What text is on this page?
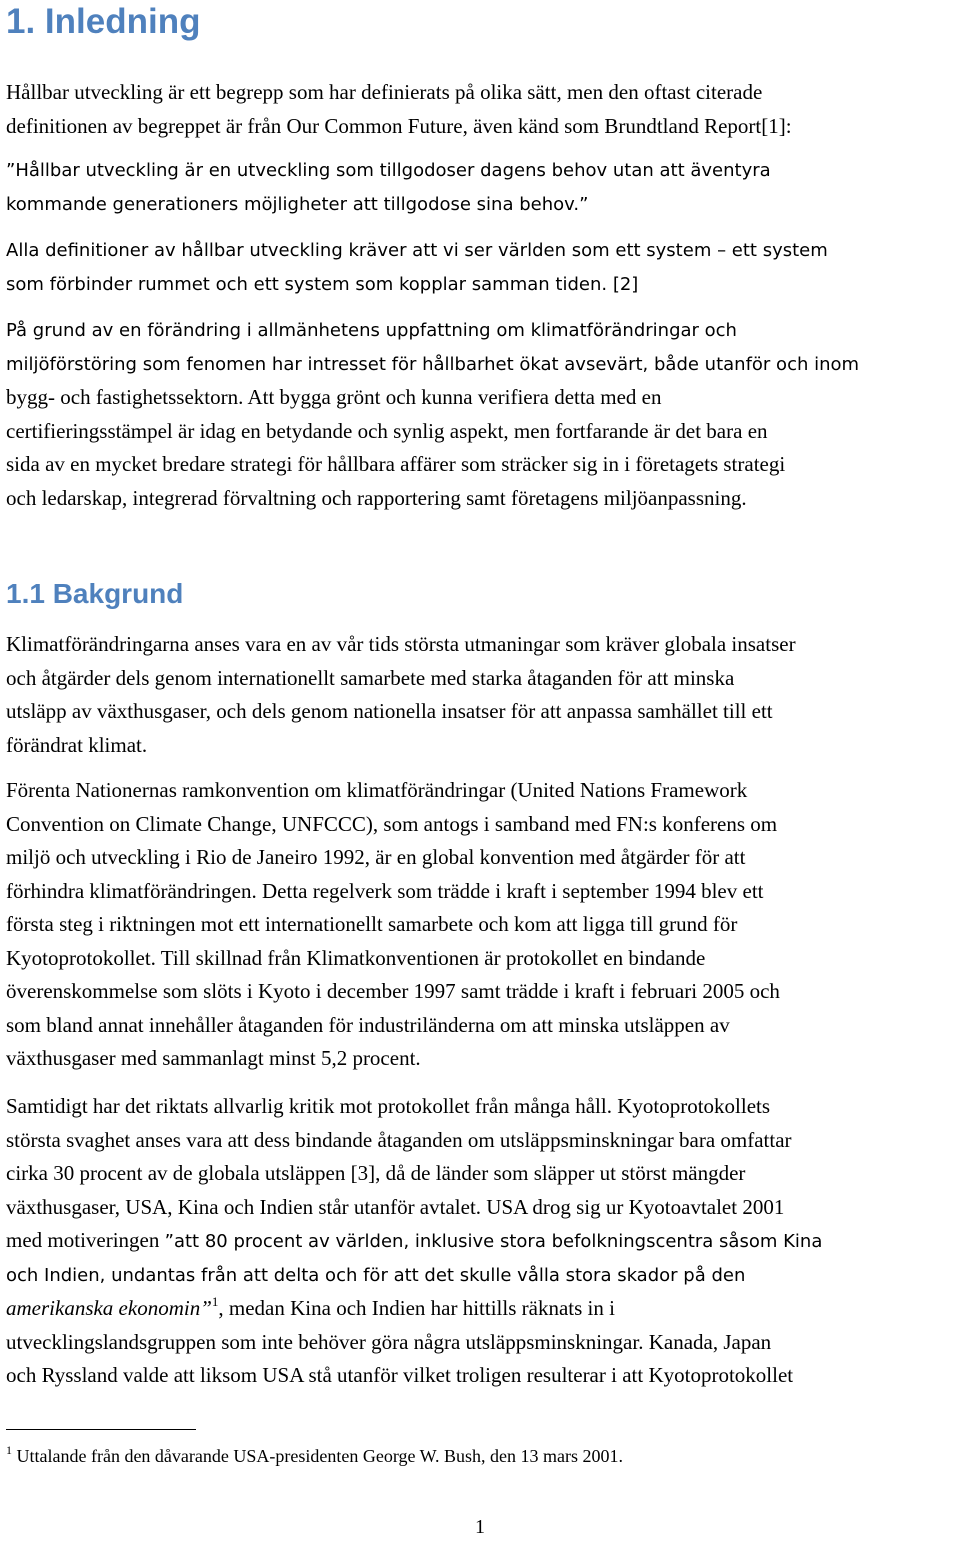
1. Inledning
Hållbar utveckling är ett begrepp som har definierats på olika sätt, men den oftast citerade
definitionen av begreppet är från Our Common Future, även känd som Brundtland Report[1]:
”Hållbar utveckling är en utveckling som tillgodoser dagens behov utan att äventyra
kommande generationers möjligheter att tillgodose sina behov.”
Alla definitioner av hållbar utveckling kräver att vi ser världen som ett system – ett system
som förbinder rummet och ett system som kopplar samman tiden. [2]
På grund av en förändring i allmänhetens uppfattning om klimatförändringar och
miljöförstöring som fenomen har intresset för hållbarhet ökat avsevärt, både utanför och inom
bygg- och fastighetssektorn. Att bygga grönt och kunna verifiera detta med en
certifieringsstämpel är idag en betydande och synlig aspekt, men fortfarande är det bara en
sida av en mycket bredare strategi för hållbara affärer som sträcker sig in i företagets strategi
och ledarskap, integrerad förvaltning och rapportering samt företagens miljöanpassning.
1.1 Bakgrund
Klimatförändringarna anses vara en av vår tids största utmaningar som kräver globala insatser
och åtgärder dels genom internationellt samarbete med starka åtaganden för att minska
utsläpp av växthusgaser, och dels genom nationella insatser för att anpassa samhället till ett
förändrat klimat.
Förenta Nationernas ramkonvention om klimatförändringar (United Nations Framework
Convention on Climate Change, UNFCCC), som antogs i samband med FN:s konferens om
miljö och utveckling i Rio de Janeiro 1992, är en global konvention med åtgärder för att
förhindra klimatförändringen. Detta regelverk som trädde i kraft i september 1994 blev ett
första steg i riktningen mot ett internationellt samarbete och kom att ligga till grund för
Kyotoprotokollet. Till skillnad från Klimatkonventionen är protokollet en bindande
överenskommelse som slöts i Kyoto i december 1997 samt trädde i kraft i februari 2005 och
som bland annat innehåller åtaganden för industriländerna om att minska utsläppen av
växthusgaser med sammanlagt minst 5,2 procent.
Samtidigt har det riktats allvarlig kritik mot protokollet från många håll. Kyotoprotokollets
största svaghet anses vara att dess bindande åtaganden om utsläppsminskningar bara omfattar
cirka 30 procent av de globala utsläppen [3], då de länder som släpper ut störst mängder
växthusgaser, USA, Kina och Indien står utanför avtalet. USA drog sig ur Kyotoavtalet 2001
med motiveringen ”att 80 procent av världen, inklusive stora befolkningscentra såsom Kina
och Indien, undantas från att delta och för att det skulle vålla stora skador på den
amerikanska ekonomin”$^1$, medan Kina och Indien har hittills räknats in i
utvecklingslandsgruppen som inte behöver göra några utsläppsminskningar. Kanada, Japan
och Ryssland valde att liksom USA stå utanför vilket troligen resulterar i att Kyotoprotokollet
$^1$ Uttalande från den dåvarande USA-presidenten George W. Bush, den 13 mars 2001.
1
